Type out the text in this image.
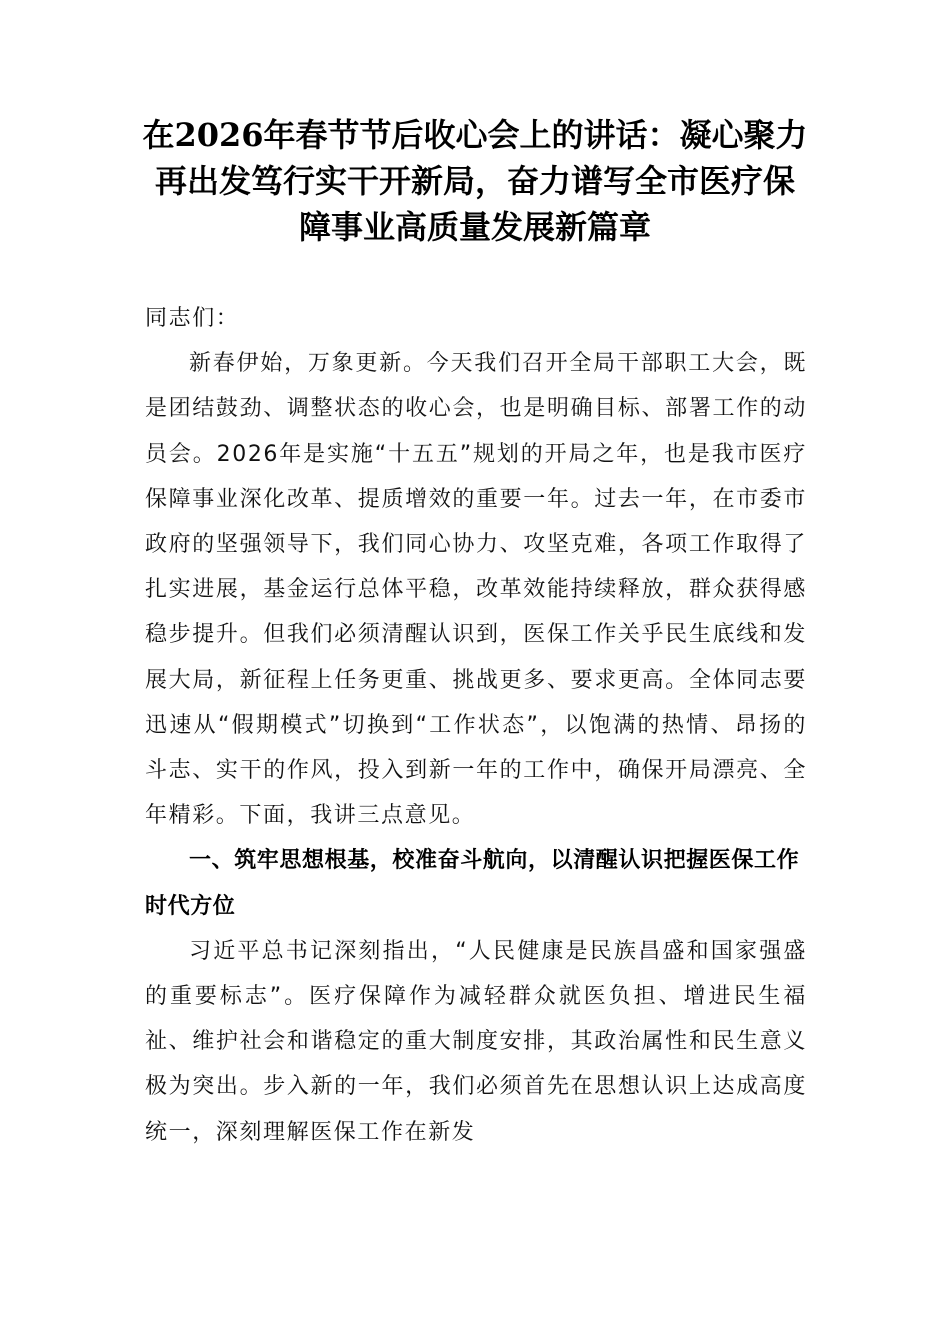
在2026年春节节后收心会上的讲话：凝心聚力再出发笃行实干开新局，奋力谱写全市医疗保障事业高质量发展新篇章

同志们：

新春伊始，万象更新。今天我们召开全局干部职工大会，既是团结鼓劲、调整状态的收心会，也是明确目标、部署工作的动员会。2026年是实施“十五五”规划的开局之年，也是我市医疗保障事业深化改革、提质增效的重要一年。过去一年，在市委市政府的坚强领导下，我们同心协力、攻坚克难，各项工作取得了扎实进展，基金运行总体平稳，改革效能持续释放，群众获得感稳步提升。但我们必须清醒认识到，医保工作关乎民生底线和发展大局，新征程上任务更重、挑战更多、要求更高。全体同志要迅速从“假期模式”切换到“工作状态”，以饱满的热情、昂扬的斗志、实干的作风，投入到新一年的工作中，确保开局漂亮、全年精彩。下面，我讲三点意见。

一、筑牢思想根基，校准奋斗航向，以清醒认识把握医保工作时代方位

习近平总书记深刻指出，“人民健康是民族昌盛和国家强盛的重要标志”。医疗保障作为减轻群众就医负担、增进民生福祉、维护社会和谐稳定的重大制度安排，其政治属性和民生意义极为突出。步入新的一年，我们必须首先在思想认识上达成高度统一，深刻理解医保工作在新发
